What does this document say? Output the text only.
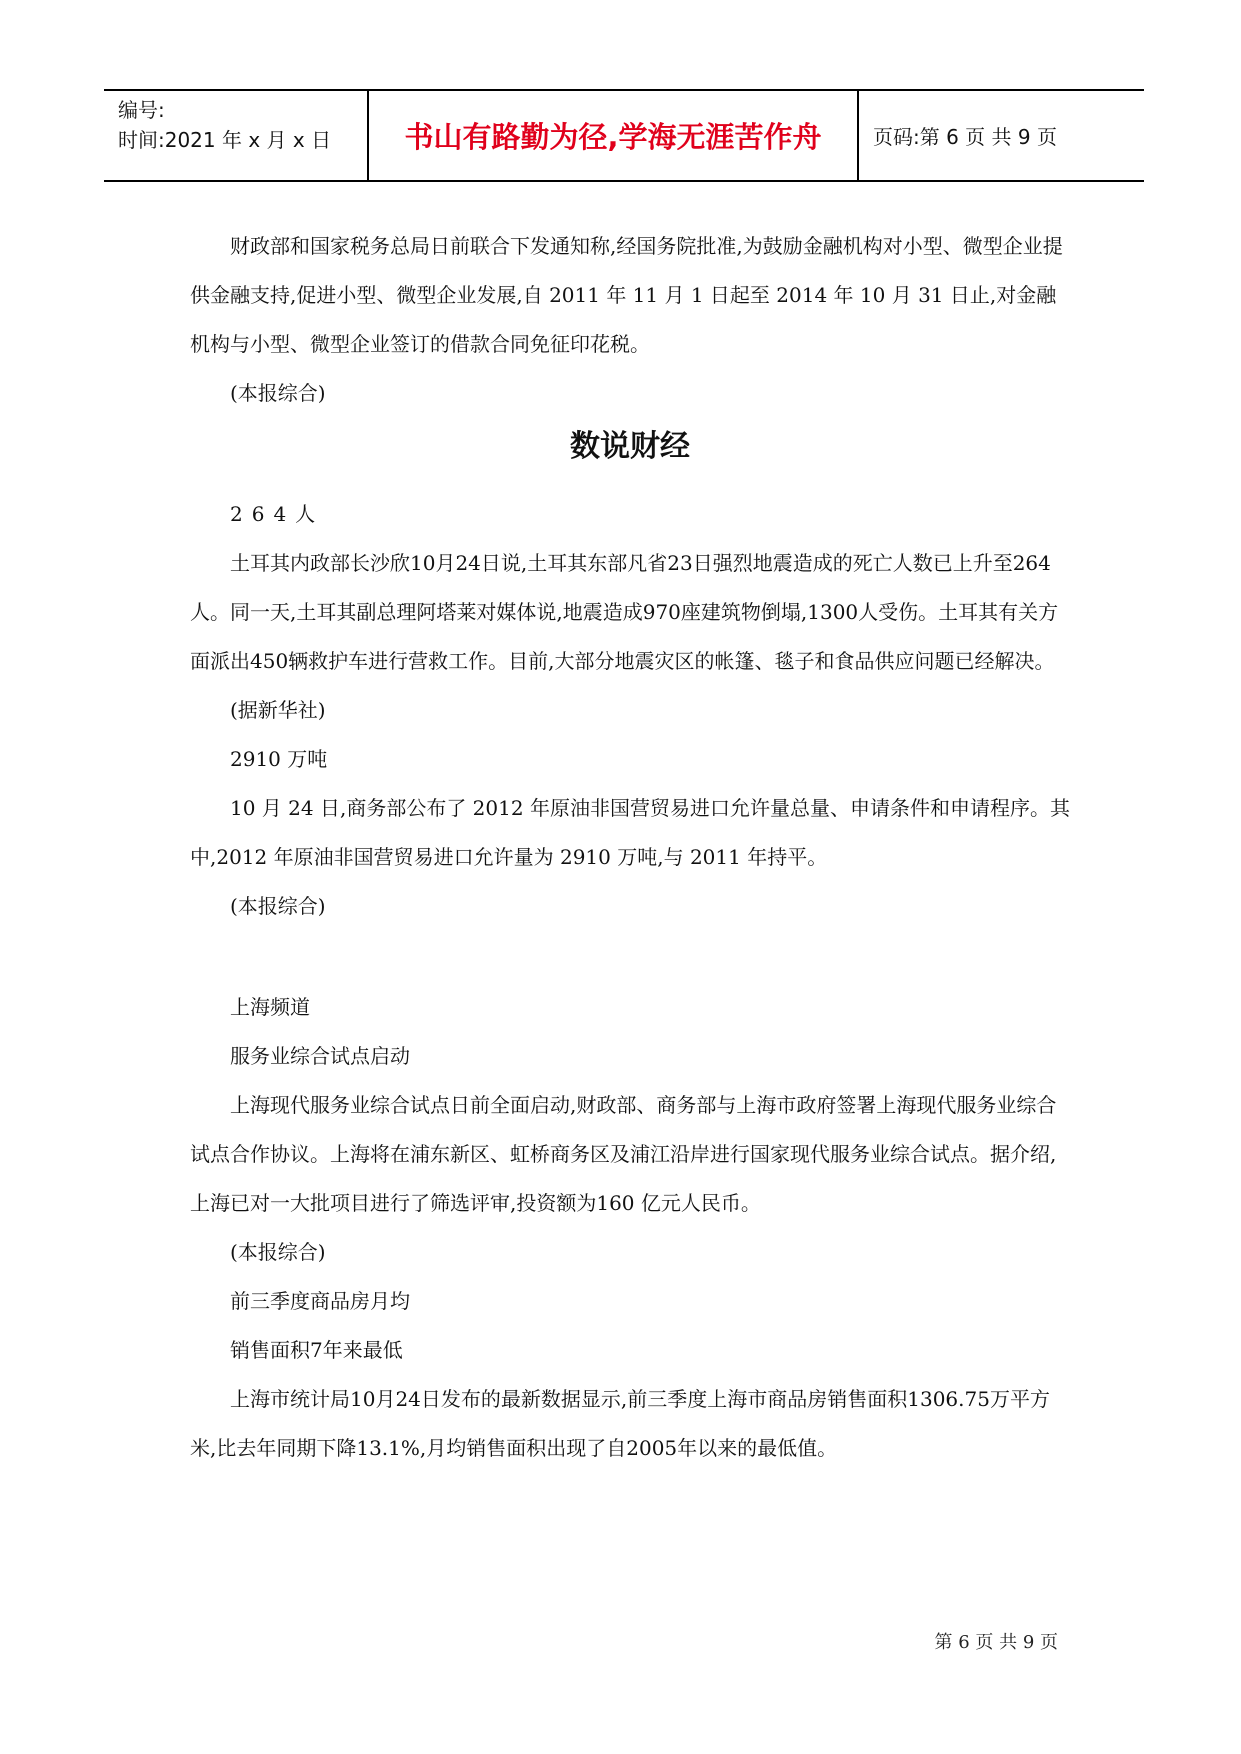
编号:
时间:2021 年 x 月 x 日	书山有路勤为径,学海无涯苦作舟	页码:第 6 页 共 9 页

财政部和国家税务总局日前联合下发通知称,经国务院批准,为鼓励金融机构对小型、微型企业提供金融支持,促进小型、微型企业发展,自 2011 年 11 月 1 日起至 2014 年 10 月 31 日止,对金融机构与小型、微型企业签订的借款合同免征印花税。

(本报综合)

数说财经

264人

土耳其内政部长沙欣10月24日说,土耳其东部凡省23日强烈地震造成的死亡人数已上升至264人。同一天,土耳其副总理阿塔莱对媒体说,地震造成970座建筑物倒塌,1300人受伤。土耳其有关方面派出450辆救护车进行营救工作。目前,大部分地震灾区的帐篷、毯子和食品供应问题已经解决。

(据新华社)

2910 万吨

10 月 24 日,商务部公布了 2012 年原油非国营贸易进口允许量总量、申请条件和申请程序。其中,2012 年原油非国营贸易进口允许量为 2910 万吨,与 2011 年持平。

(本报综合)

上海频道

服务业综合试点启动

上海现代服务业综合试点日前全面启动,财政部、商务部与上海市政府签署上海现代服务业综合试点合作协议。上海将在浦东新区、虹桥商务区及浦江沿岸进行国家现代服务业综合试点。据介绍,上海已对一大批项目进行了筛选评审,投资额为160 亿元人民币。

(本报综合)

前三季度商品房月均

销售面积7年来最低

上海市统计局10月24日发布的最新数据显示,前三季度上海市商品房销售面积1306.75万平方米,比去年同期下降13.1%,月均销售面积出现了自2005年以来的最低值。

第 6 页 共 9 页
